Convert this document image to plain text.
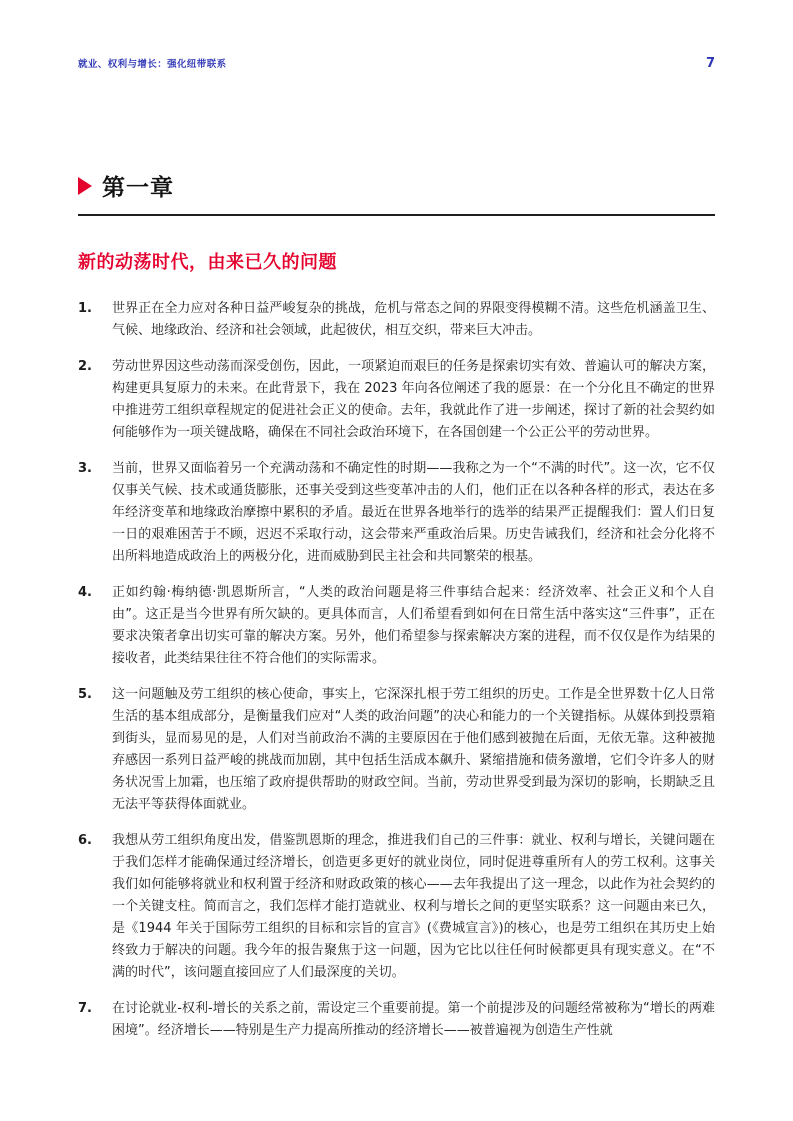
就业、权利与增长：强化纽带联系	7
第一章
新的动荡时代，由来已久的问题
1.	世界正在全力应对各种日益严峻复杂的挑战，危机与常态之间的界限变得模糊不清。这些危机涵盖卫生、气候、地缘政治、经济和社会领域，此起彼伏，相互交织，带来巨大冲击。
2.	劳动世界因这些动荡而深受创伤，因此，一项紧迫而艰巨的任务是探索切实有效、普遍认可的解决方案，构建更具复原力的未来。在此背景下，我在 2023 年向各位阐述了我的愿景：在一个分化且不确定的世界中推进劳工组织章程规定的促进社会正义的使命。去年，我就此作了进一步阐述，探讨了新的社会契约如何能够作为一项关键战略，确保在不同社会政治环境下，在各国创建一个公正公平的劳动世界。
3.	当前，世界又面临着另一个充满动荡和不确定性的时期——我称之为一个“不满的时代”。这一次，它不仅仅事关气候、技术或通货膨胀，还事关受到这些变革冲击的人们，他们正在以各种各样的形式，表达在多年经济变革和地缘政治摩擦中累积的矛盾。最近在世界各地举行的选举的结果严正提醒我们：置人们日复一日的艰难困苦于不顾，迟迟不采取行动，这会带来严重政治后果。历史告诫我们，经济和社会分化将不出所料地造成政治上的两极分化，进而威胁到民主社会和共同繁荣的根基。
4.	正如约翰·梅纳德·凯恩斯所言，“人类的政治问题是将三件事结合起来：经济效率、社会正义和个人自由”。这正是当今世界有所欠缺的。更具体而言，人们希望看到如何在日常生活中落实这“三件事”，正在要求决策者拿出切实可靠的解决方案。另外，他们希望参与探索解决方案的进程，而不仅仅是作为结果的接收者，此类结果往往不符合他们的实际需求。
5.	这一问题触及劳工组织的核心使命，事实上，它深深扎根于劳工组织的历史。工作是全世界数十亿人日常生活的基本组成部分，是衡量我们应对“人类的政治问题”的决心和能力的一个关键指标。从媒体到投票箱到街头，显而易见的是，人们对当前政治不满的主要原因在于他们感到被抛在后面，无依无靠。这种被抛弃感因一系列日益严峻的挑战而加剧，其中包括生活成本飙升、紧缩措施和债务激增，它们令许多人的财务状况雪上加霜，也压缩了政府提供帮助的财政空间。当前，劳动世界受到最为深切的影响，长期缺乏且无法平等获得体面就业。
6.	我想从劳工组织角度出发，借鉴凯恩斯的理念，推进我们自己的三件事：就业、权利与增长，关键问题在于我们怎样才能确保通过经济增长，创造更多更好的就业岗位，同时促进尊重所有人的劳工权利。这事关我们如何能够将就业和权利置于经济和财政政策的核心——去年我提出了这一理念，以此作为社会契约的一个关键支柱。简而言之，我们怎样才能打造就业、权利与增长之间的更坚实联系？这一问题由来已久，是《1944 年关于国际劳工组织的目标和宗旨的宣言》(《费城宣言》)的核心，也是劳工组织在其历史上始终致力于解决的问题。我今年的报告聚焦于这一问题，因为它比以往任何时候都更具有现实意义。在“不满的时代”，该问题直接回应了人们最深度的关切。
7.	在讨论就业-权利-增长的关系之前，需设定三个重要前提。第一个前提涉及的问题经常被称为“增长的两难困境”。经济增长——特别是生产力提高所推动的经济增长——被普遍视为创造生产性就
